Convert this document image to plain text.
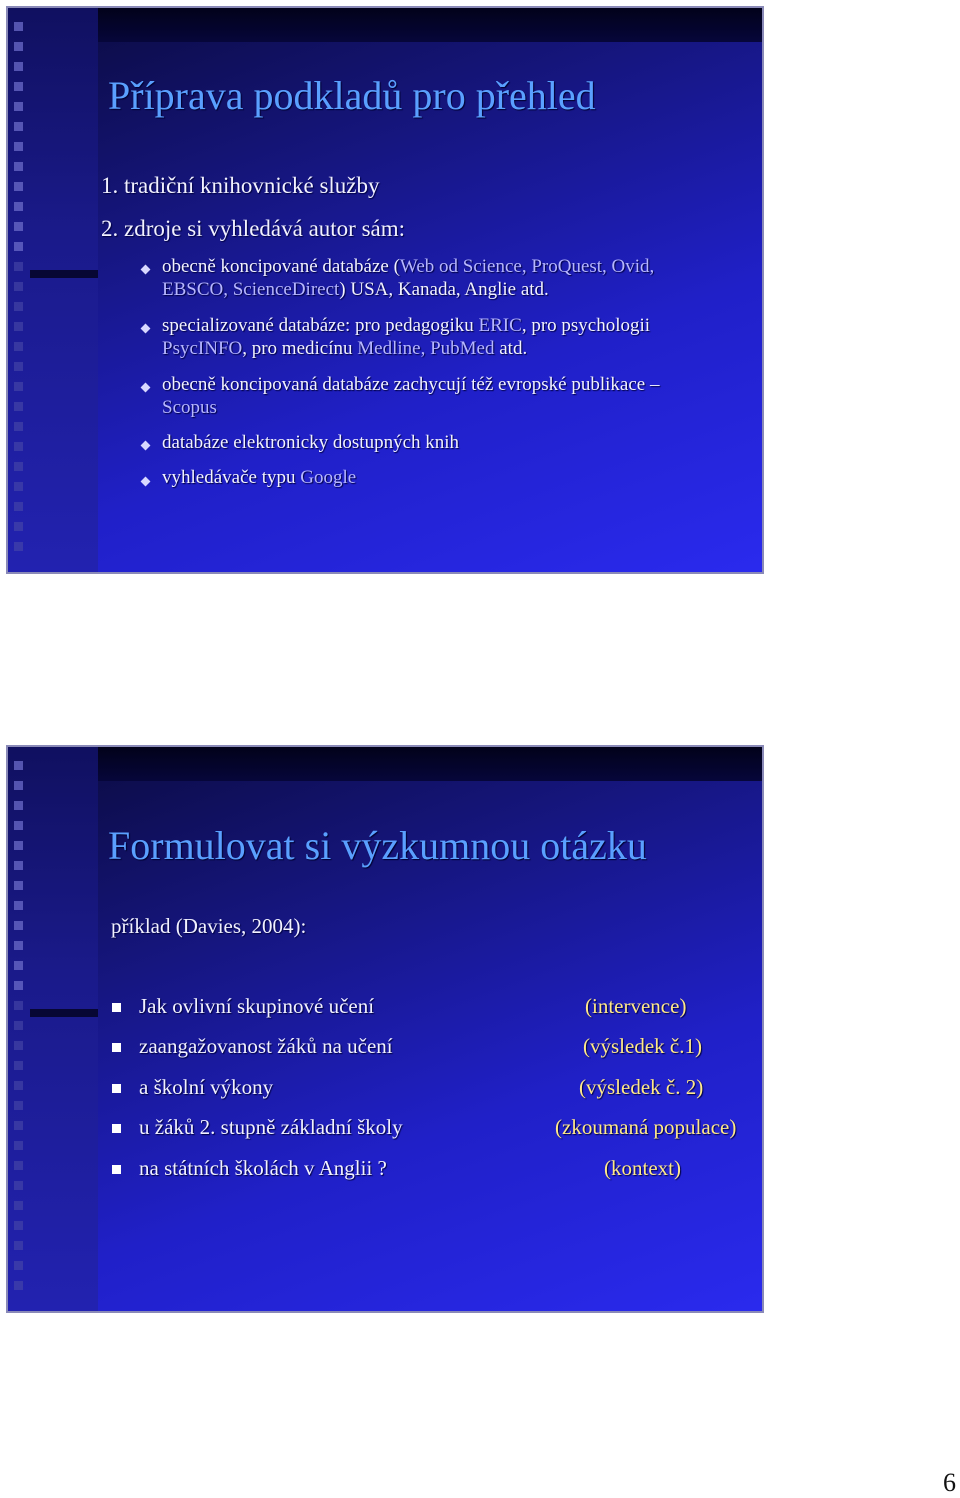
Příprava podkladů pro přehled
1. tradiční knihovnické služby
2. zdroje si vyhledává autor sám:
obecně koncipované databáze (Web od Science, ProQuest, Ovid,
EBSCO, ScienceDirect) USA, Kanada, Anglie atd.
specializované databáze: pro pedagogiku ERIC, pro psychologii
PsycINFO, pro medicínu Medline, PubMed atd.
obecně koncipovaná databáze zachycují též evropské publikace –
Scopus
databáze elektronicky dostupných knih
vyhledávače typu Google
Formulovat si výzkumnou otázku
příklad (Davies, 2004):
Jak ovlivní skupinové učení	(intervence)
zaangažovanost žáků na učení	(výsledek č.1)
a školní výkony	(výsledek č. 2)
u žáků 2. stupně základní školy	(zkoumaná populace)
na státních školách v Anglii ?	(kontext)
6
